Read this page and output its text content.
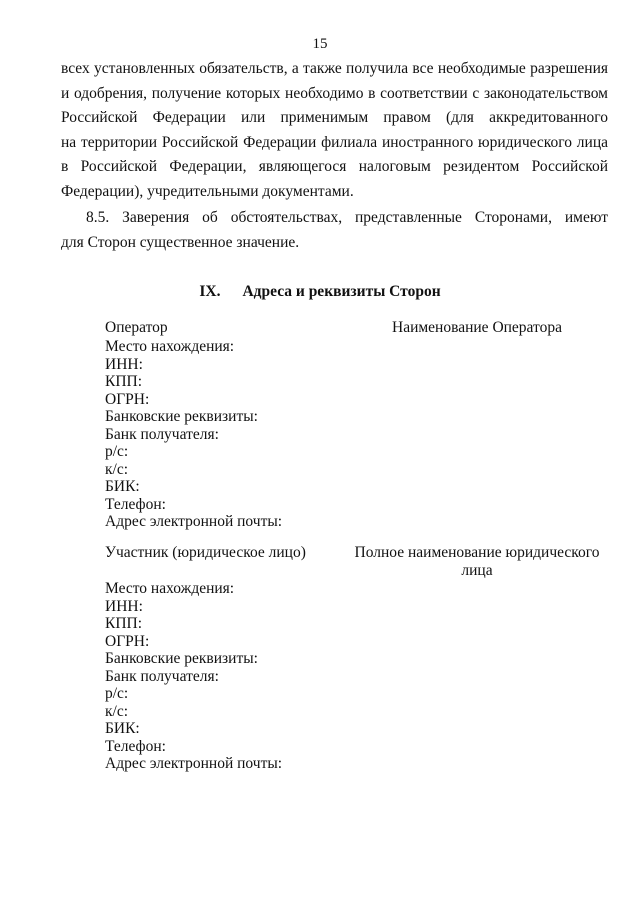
15
всех установленных обязательств, а также получила все необходимые разрешения
и одобрения, получение которых необходимо в соответствии с законодательством
Российской Федерации или применимым правом (для аккредитованного
на территории Российской Федерации филиала иностранного юридического лица
в Российской Федерации, являющегося налоговым резидентом Российской
Федерации), учредительными документами.
8.5. Заверения об обстоятельствах, представленные Сторонами, имеют
для Сторон существенное значение.
IX. Адреса и реквизиты Сторон
Оператор	Наименование Оператора
Место нахождения:
ИНН:
КПП:
ОГРН:
Банковские реквизиты:
Банк получателя:
р/с:
к/с:
БИК:
Телефон:
Адрес электронной почты:
Участник (юридическое лицо)	Полное наименование юридического
лица
Место нахождения:
ИНН:
КПП:
ОГРН:
Банковские реквизиты:
Банк получателя:
р/с:
к/с:
БИК:
Телефон:
Адрес электронной почты:
